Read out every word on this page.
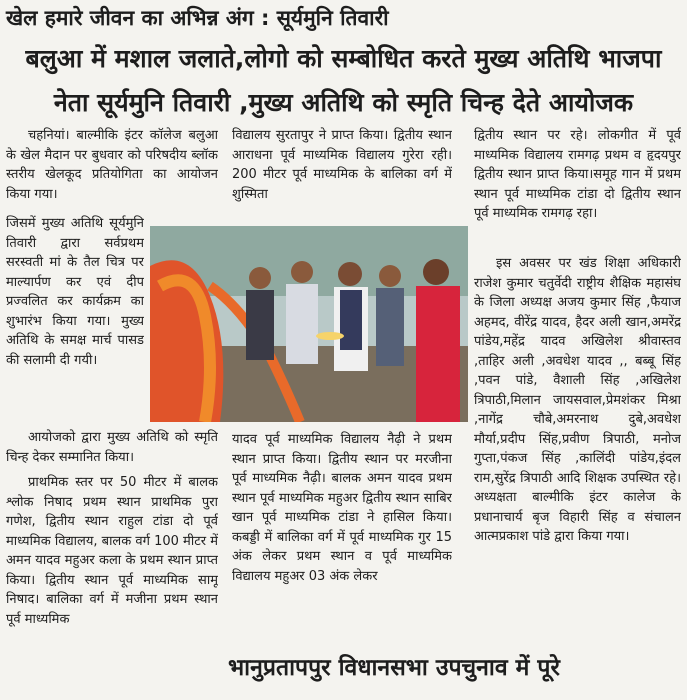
खेल हमारे जीवन का अभिन्न अंग : सूर्यमुनि तिवारी
बलुआ में मशाल जलाते,लोगो को सम्बोधित करते मुख्य अतिथि भाजपा
नेता सूर्यमुनि तिवारी ,मुख्य अतिथि को स्मृति चिन्ह देते आयोजक

चहनियां। बाल्मीकि इंटर कॉलेज बलुआ के खेल मैदान पर बुधवार को परिषदीय ब्लॉक स्तरीय खेलकूद प्रतियोगिता का आयोजन किया गया।

जिसमें मुख्य अतिथि सूर्यमुनि तिवारी द्वारा सर्वप्रथम सरस्वती मां के तैल चित्र पर माल्यार्पण कर एवं दीप प्रज्वलित कर कार्यक्रम का शुभारंभ किया गया। मुख्य अतिथि के समक्ष मार्च पासड की सलामी दी गयी।

आयोजको द्वारा मुख्य अतिथि को स्मृति चिन्ह देकर सम्मानित किया।

प्राथमिक स्तर पर 50 मीटर में बालक श्लोक निषाद प्रथम स्थान प्राथमिक पुरा गणेश, द्वितीय स्थान राहुल टांडा दो पूर्व माध्यमिक विद्यालय, बालक वर्ग 100 मीटर में अमन यादव महुअर कला के प्रथम स्थान प्राप्त किया। द्वितीय स्थान पूर्व माध्यमिक सामू निषाद। बालिका वर्ग में मजीना प्रथम स्थान पूर्व माध्यमिक

विद्यालय सुरतापुर ने प्राप्त किया। द्वितीय स्थान आराधना पूर्व माध्यमिक विद्यालय गुरेरा रही। 200 मीटर पूर्व माध्यमिक के बालिका वर्ग में शुस्मिता

यादव पूर्व माध्यमिक विद्यालय नैढ़ी ने प्रथम स्थान प्राप्त किया। द्वितीय स्थान पर मरजीना पूर्व माध्यमिक नैढ़ी। बालक अमन यादव प्रथम स्थान पूर्व माध्यमिक महुअर द्वितीय स्थान साबिर खान पूर्व माध्यमिक टांडा ने हासिल किया। कबड्डी में बालिका वर्ग में पूर्व माध्यमिक गुर 15 अंक लेकर प्रथम स्थान व पूर्व माध्यमिक विद्यालय महुअर 03 अंक लेकर

द्वितीय स्थान पर रहे। लोकगीत में पूर्व माध्यमिक विद्यालय रामगढ़ प्रथम व हृदयपुर द्वितीय स्थान प्राप्त किया।समूह गान में प्रथम स्थान पूर्व माध्यमिक टांडा दो द्वितीय स्थान पूर्व माध्यमिक रामगढ़ रहा।

इस अवसर पर खंड शिक्षा अधिकारी राजेश कुमार चतुर्वेदी राष्ट्रीय शैक्षिक महासंघ के जिला अध्यक्ष अजय कुमार सिंह ,फैयाज अहमद, वीरेंद्र यादव, हैदर अली खान,अमरेंद्र पांडेय,महेंद्र यादव अखिलेश श्रीवास्तव ,ताहिर अली ,अवधेश यादव ,, बब्बू सिंह ,पवन पांडे, वैशाली सिंह ,अखिलेश त्रिपाठी,मिलान जायसवाल,प्रेमशंकर मिश्रा ,नागेंद्र चौबे,अमरनाथ दुबे,अवधेश मौर्या,प्रदीप सिंह,प्रवीण त्रिपाठी, मनोज गुप्ता,पंकज सिंह ,कालिंदी पांडेय,इंदल राम,सुरेंद्र त्रिपाठी आदि शिक्षक उपस्थित रहे। अध्यक्षता बाल्मीकि इंटर कालेज के प्रधानाचार्य बृज विहारी सिंह व संचालन आत्मप्रकाश पांडे द्वारा किया गया।

भानुप्रतापपुर विधानसभा उपचुनाव में पूरे
